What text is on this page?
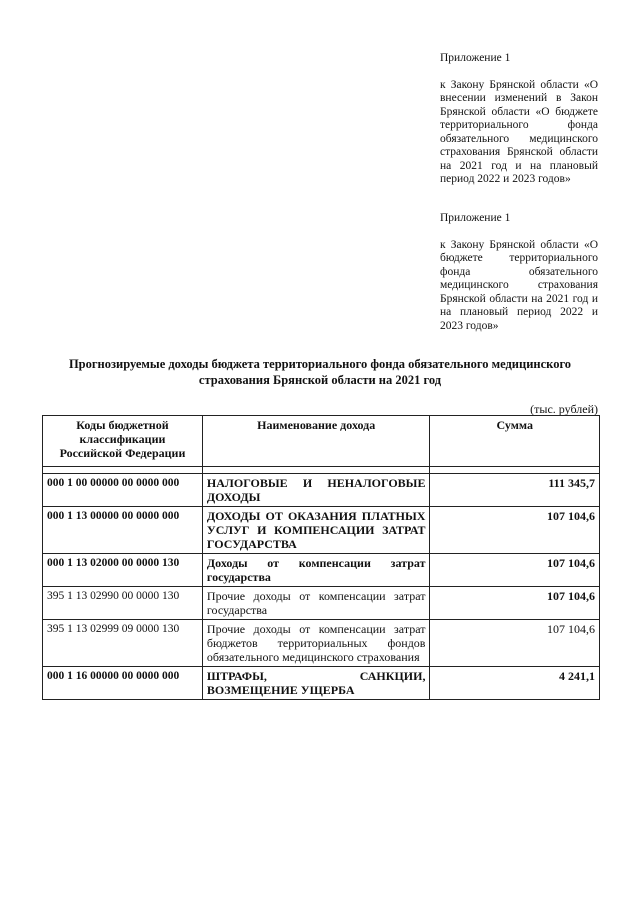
Приложение 1
к Закону Брянской области «О внесении изменений в Закон Брянской области «О бюджете территориального фонда обязательного медицинского страхования Брянской области на 2021 год и на плановый период 2022 и 2023 годов»
Приложение 1
к Закону Брянской области «О бюджете территориального фонда обязательного медицинского страхования Брянской области на 2021 год и на плановый период 2022 и 2023 годов»
Прогнозируемые доходы бюджета территориального фонда обязательного медицинского страхования Брянской области на 2021 год
(тыс. рублей)
Коды бюджетной классификации Российской Федерации	Наименование дохода	Сумма

000 1 00 00000 00 0000 000	НАЛОГОВЫЕ И НЕНАЛОГОВЫЕ ДОХОДЫ	111 345,7
000 1 13 00000 00 0000 000	ДОХОДЫ ОТ ОКАЗАНИЯ ПЛАТНЫХ УСЛУГ И КОМПЕНСАЦИИ ЗАТРАТ ГОСУДАРСТВА	107 104,6
000 1 13 02000 00 0000 130	Доходы от компенсации затрат государства	107 104,6
395 1 13 02990 00 0000 130	Прочие доходы от компенсации затрат государства	107 104,6
395 1 13 02999 09 0000 130	Прочие доходы от компенсации затрат бюджетов территориальных фондов обязательного медицинского страхования	107 104,6
000 1 16 00000 00 0000 000	ШТРАФЫ, САНКЦИИ, ВОЗМЕЩЕНИЕ УЩЕРБА	4 241,1
